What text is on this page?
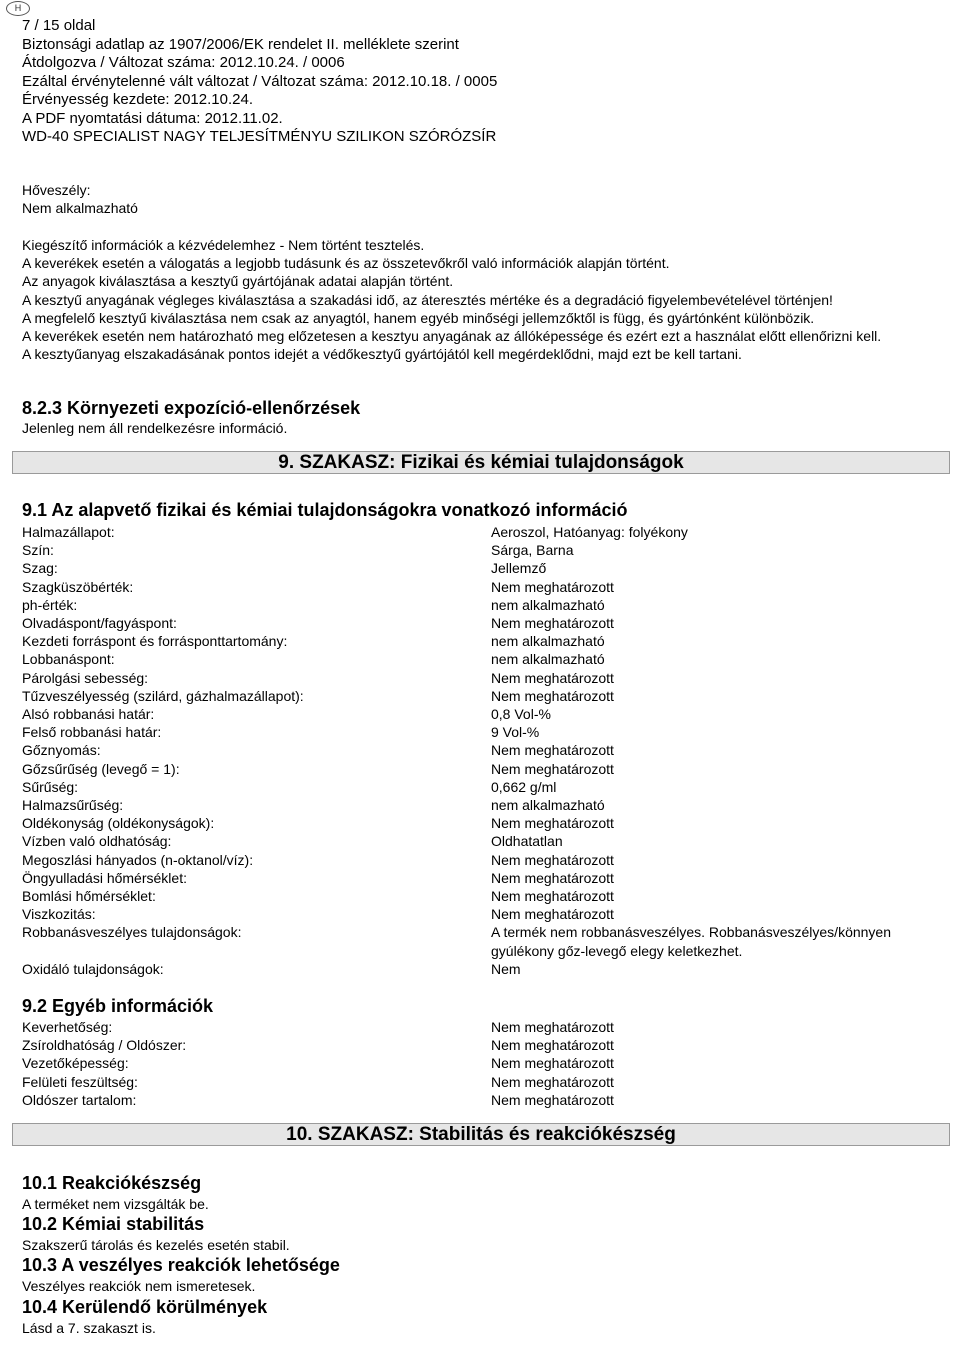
H
7 / 15 oldal
Biztonsági adatlap az 1907/2006/EK rendelet II. melléklete szerint
Átdolgozva / Változat száma: 2012.10.24. / 0006
Ezáltal érvénytelenné vált változat / Változat száma: 2012.10.18. / 0005
Érvényesség kezdete: 2012.10.24.
A PDF nyomtatási dátuma: 2012.11.02.
WD-40 SPECIALIST NAGY TELJESÍTMÉNYU SZILIKON SZÓRÓZSÍR
Hőveszély:
Nem alkalmazható
Kiegészítő információk a kézvédelemhez - Nem történt tesztelés.
A keverékek esetén a válogatás a legjobb tudásunk és az összetevőkről való információk alapján történt.
Az anyagok kiválasztása a kesztyű gyártójának adatai alapján történt.
A kesztyű anyagának végleges kiválasztása a szakadási idő, az áteresztés mértéke és a degradáció figyelembevételével történjen!
A megfelelő kesztyű kiválasztása nem csak az anyagtól, hanem egyéb minőségi jellemzőktől is függ, és gyártónként különbözik.
A keverékek esetén nem határozható meg előzetesen a kesztyu anyagának az állóképessége és ezért ezt a használat előtt ellenőrizni kell.
A kesztyűanyag elszakadásának pontos idejét a védőkesztyű gyártójától kell megérdeklődni, majd ezt be kell tartani.
8.2.3 Környezeti expozíció-ellenőrzések
Jelenleg nem áll rendelkezésre információ.
9. SZAKASZ: Fizikai és kémiai tulajdonságok
9.1 Az alapvető fizikai és kémiai tulajdonságokra vonatkozó információ
Halmazállapot:	Aeroszol, Hatóanyag: folyékony
Szín:	Sárga, Barna
Szag:	Jellemző
Szagküszöbérték:	Nem meghatározott
ph-érték:	nem alkalmazható
Olvadáspont/fagyáspont:	Nem meghatározott
Kezdeti forráspont és forrásponttartomány:	nem alkalmazható
Lobbanáspont:	nem alkalmazható
Párolgási sebesség:	Nem meghatározott
Tűzveszélyesség (szilárd, gázhalmazállapot):	Nem meghatározott
Alsó robbanási határ:	0,8 Vol-%
Felső robbanási határ:	9 Vol-%
Gőznyomás:	Nem meghatározott
Gőzsűrűség (levegő = 1):	Nem meghatározott
Sűrűség:	0,662 g/ml
Halmazsűrűség:	nem alkalmazható
Oldékonyság (oldékonyságok):	Nem meghatározott
Vízben való oldhatóság:	Oldhatatlan
Megoszlási hányados (n-oktanol/víz):	Nem meghatározott
Öngyulladási hőmérséklet:	Nem meghatározott
Bomlási hőmérséklet:	Nem meghatározott
Viszkozitás:	Nem meghatározott
Robbanásveszélyes tulajdonságok:	A termék nem robbanásveszélyes. Robbanásveszélyes/könnyen gyúlékony gőz-levegő elegy keletkezhet.
Oxidáló tulajdonságok:	Nem
9.2 Egyéb információk
Keverhetőség:	Nem meghatározott
Zsíroldhatóság / Oldószer:	Nem meghatározott
Vezetőképesség:	Nem meghatározott
Felületi feszültség:	Nem meghatározott
Oldószer tartalom:	Nem meghatározott
10. SZAKASZ: Stabilitás és reakciókészség
10.1 Reakciókészség
A terméket nem vizsgálták be.
10.2 Kémiai stabilitás
Szakszerű tárolás és kezelés esetén stabil.
10.3 A veszélyes reakciók lehetősége
Veszélyes reakciók nem ismeretesek.
10.4 Kerülendő körülmények
Lásd a 7. szakaszt is.
